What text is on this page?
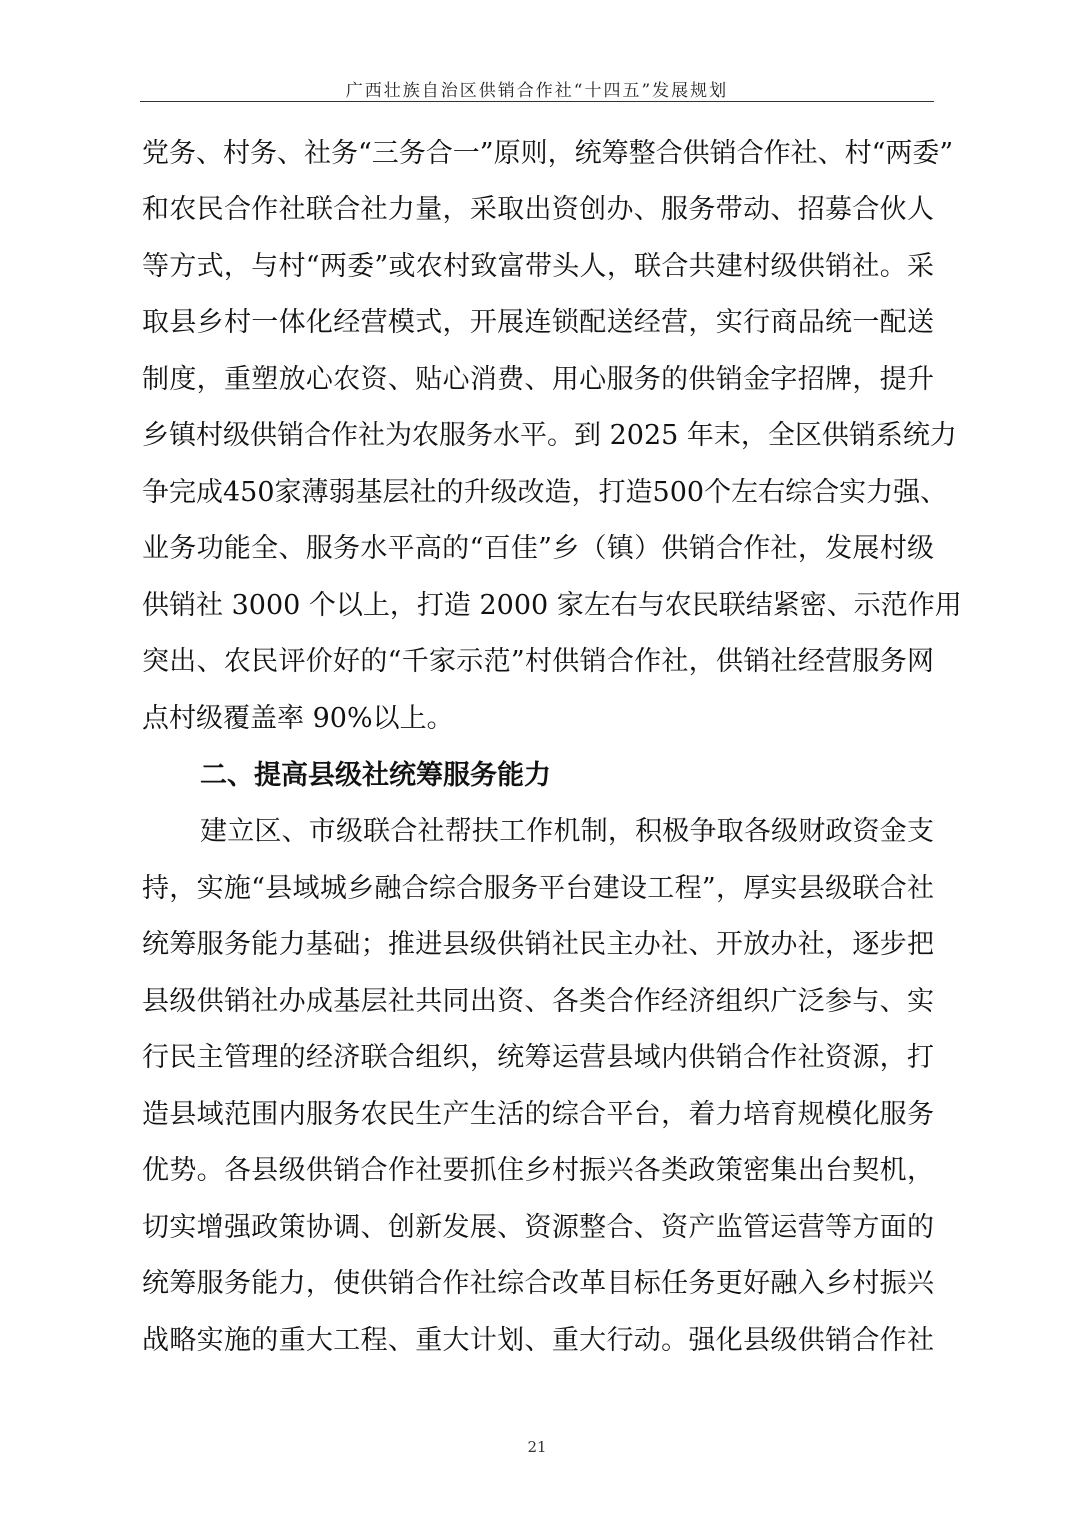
广西壮族自治区供销合作社“十四五”发展规划
党务、村务、社务“三务合一”原则，统筹整合供销合作社、村“两委”
和农民合作社联合社力量，采取出资创办、服务带动、招募合伙人
等方式，与村“两委”或农村致富带头人，联合共建村级供销社。采
取县乡村一体化经营模式，开展连锁配送经营，实行商品统一配送
制度，重塑放心农资、贴心消费、用心服务的供销金字招牌，提升
乡镇村级供销合作社为农服务水平。到 2025 年末，全区供销系统力
争完成450家薄弱基层社的升级改造，打造500个左右综合实力强、
业务功能全、服务水平高的“百佳”乡（镇）供销合作社，发展村级
供销社 3000 个以上，打造 2000 家左右与农民联结紧密、示范作用
突出、农民评价好的“千家示范”村供销合作社，供销社经营服务网
点村级覆盖率 90%以上。
二、提高县级社统筹服务能力
建立区、市级联合社帮扶工作机制，积极争取各级财政资金支
持，实施“县域城乡融合综合服务平台建设工程”，厚实县级联合社
统筹服务能力基础；推进县级供销社民主办社、开放办社，逐步把
县级供销社办成基层社共同出资、各类合作经济组织广泛参与、实
行民主管理的经济联合组织，统筹运营县域内供销合作社资源，打
造县域范围内服务农民生产生活的综合平台，着力培育规模化服务
优势。各县级供销合作社要抓住乡村振兴各类政策密集出台契机，
切实增强政策协调、创新发展、资源整合、资产监管运营等方面的
统筹服务能力，使供销合作社综合改革目标任务更好融入乡村振兴
战略实施的重大工程、重大计划、重大行动。强化县级供销合作社
21
